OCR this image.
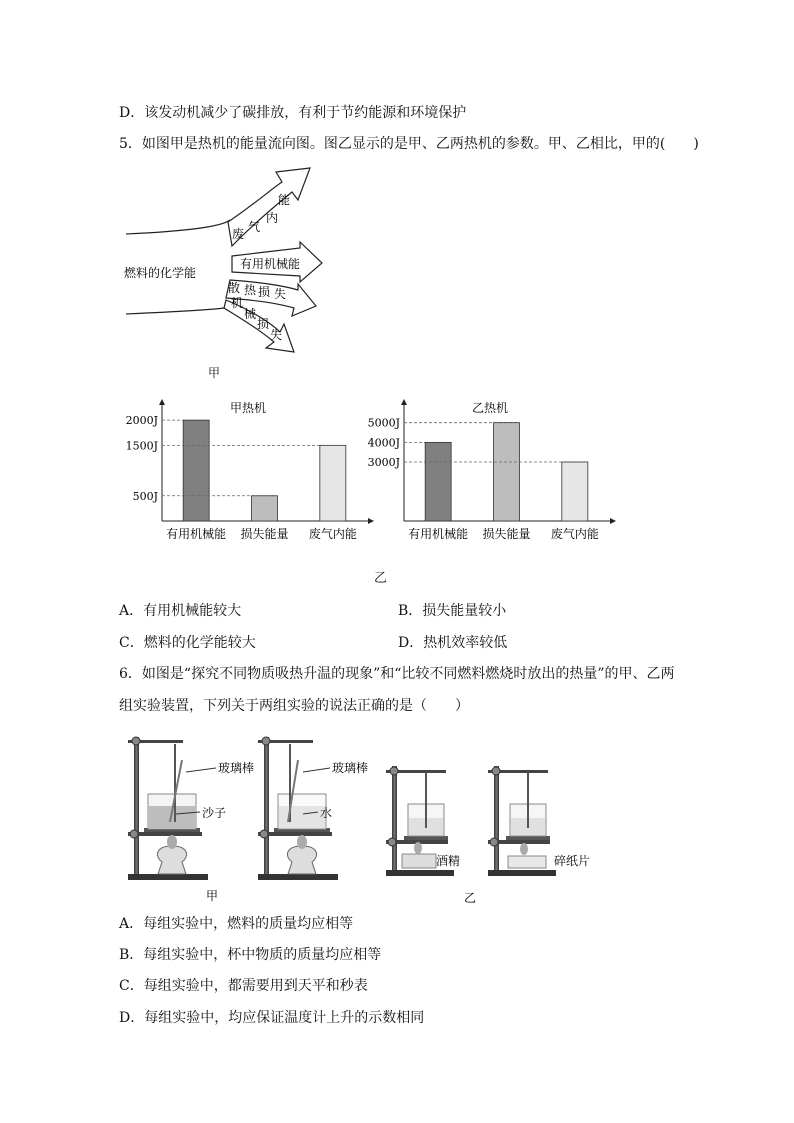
D．该发动机减少了碳排放，有利于节约能源和环境保护
5．如图甲是热机的能量流向图。图乙显示的是甲、乙两热机的参数。甲、乙相比，甲的(　　)
燃料的化学能
废 气
内
能
有用机械能
散 热 损 失
机
械
损
失
甲
甲热机
有用机械能 损失能量 废气内能
2000J
1500J
500J
乙热机
有用机械能 损失能量 废气内能
5000J
4000J
3000J
乙
A．有用机械能较大	B．损失能量较小
C．燃料的化学能较大	D．热机效率较低
6．如图是“探究不同物质吸热升温的现象”和“比较不同燃料燃烧时放出的热量”的甲、乙两
组实验装置，下列关于两组实验的说法正确的是（　　）
玻璃棒
沙子
玻璃棒
水
酒精	碎纸片
甲	乙
A．每组实验中，燃料的质量均应相等
B．每组实验中，杯中物质的质量均应相等
C．每组实验中，都需要用到天平和秒表
D．每组实验中，均应保证温度计上升的示数相同
